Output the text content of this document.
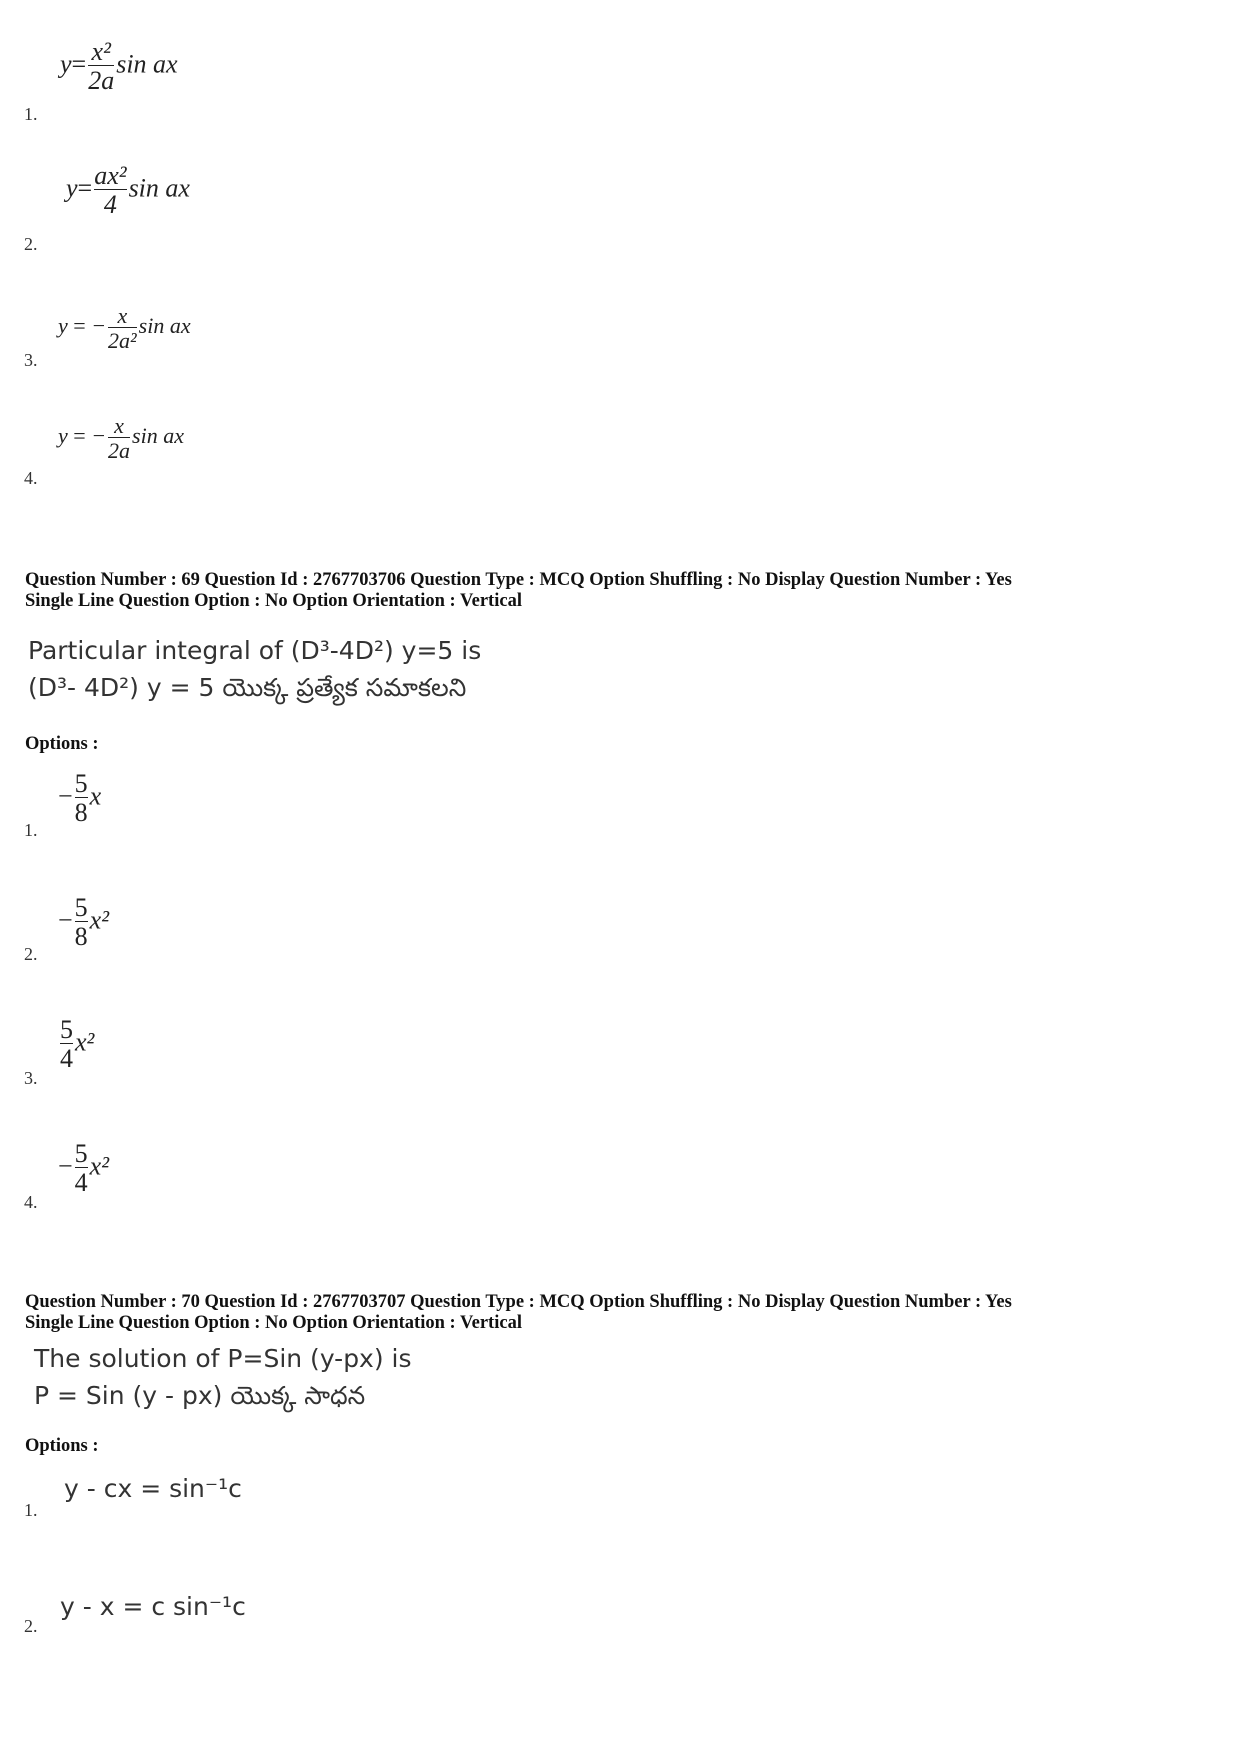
$y= \frac{\text{x²}}{2a}$ sin ax
1.
$y= \frac{\text{ax²}}{4}$ sin ax
2.
y = − $\frac{x}{\text{2a²}}$ sin ax
3.
y = − $\frac{x}{2a}$ sin ax
4.
Question Number : 69 Question Id : 2767703706 Question Type : MCQ Option Shuffling : No Display Question Number : Yes
Single Line Question Option : No Option Orientation : Vertical
Particular integral of (D³-4D²) y=5 is
(D³- 4D²) y = 5 యొక్క ప్రత్యేక సమాకలని
Options :
− $\frac{5}{8}$ x
1.
− $\frac{5}{8} x^2$
2.
$\frac{5}{4} x^2$
3.
− $\frac{5}{4} x^2$
4.
Question Number : 70 Question Id : 2767703707 Question Type : MCQ Option Shuffling : No Display Question Number : Yes
Single Line Question Option : No Option Orientation : Vertical
The solution of P=Sin (y-px) is
P = Sin (y - px) యొక్క సాధన
Options :
y - cx = sin⁻¹c
1.
y - x = c sin⁻¹c
2.
